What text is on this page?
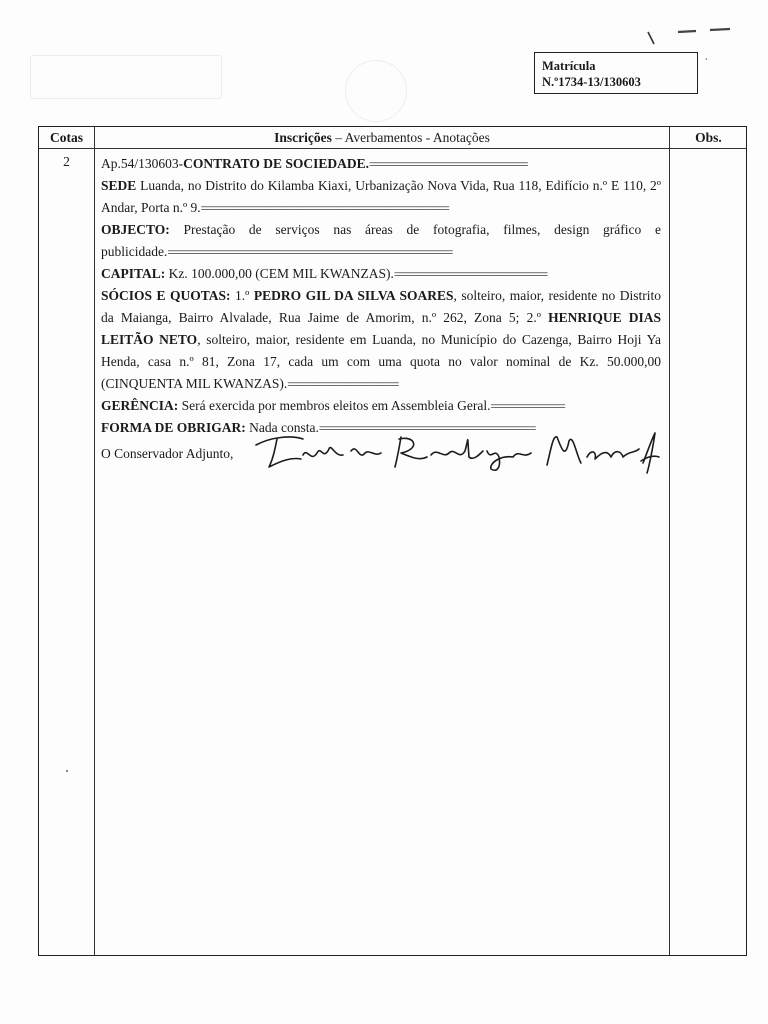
Matrícula
N.º1734-13/130603
Cotas	Inscrições – Averbamentos - Anotações	Obs.
2	Ap.54/130603-CONTRATO DE SOCIEDADE.==============================

SEDE Luanda, no Distrito do Kilamba Kiaxi, Urbanização Nova Vida, Rua 118, Edifício n.º E 110, 2º Andar, Porta n.º 9.===============================================

OBJECTO: Prestação de serviços nas áreas de fotografia, filmes, design gráfico e publicidade.======================================================

CAPITAL: Kz. 100.000,00 (CEM MIL KWANZAS).=============================

SÓCIOS E QUOTAS: 1.º PEDRO GIL DA SILVA SOARES, solteiro, maior, residente no Distrito da Maianga, Bairro Alvalade, Rua Jaime de Amorim, n.º 262, Zona 5; 2.º HENRIQUE DIAS LEITÃO NETO, solteiro, maior, residente em Luanda, no Município do Cazenga, Bairro Hoji Ya Henda, casa n.º 81, Zona 17, cada um com uma quota no valor nominal de Kz. 50.000,00 (CINQUENTA MIL KWANZAS).=====================

GERÊNCIA: Será exercida por membros eleitos em Assembleia Geral.==============

FORMA DE OBRIGAR: Nada consta.=========================================

O Conservador Adjunto,
